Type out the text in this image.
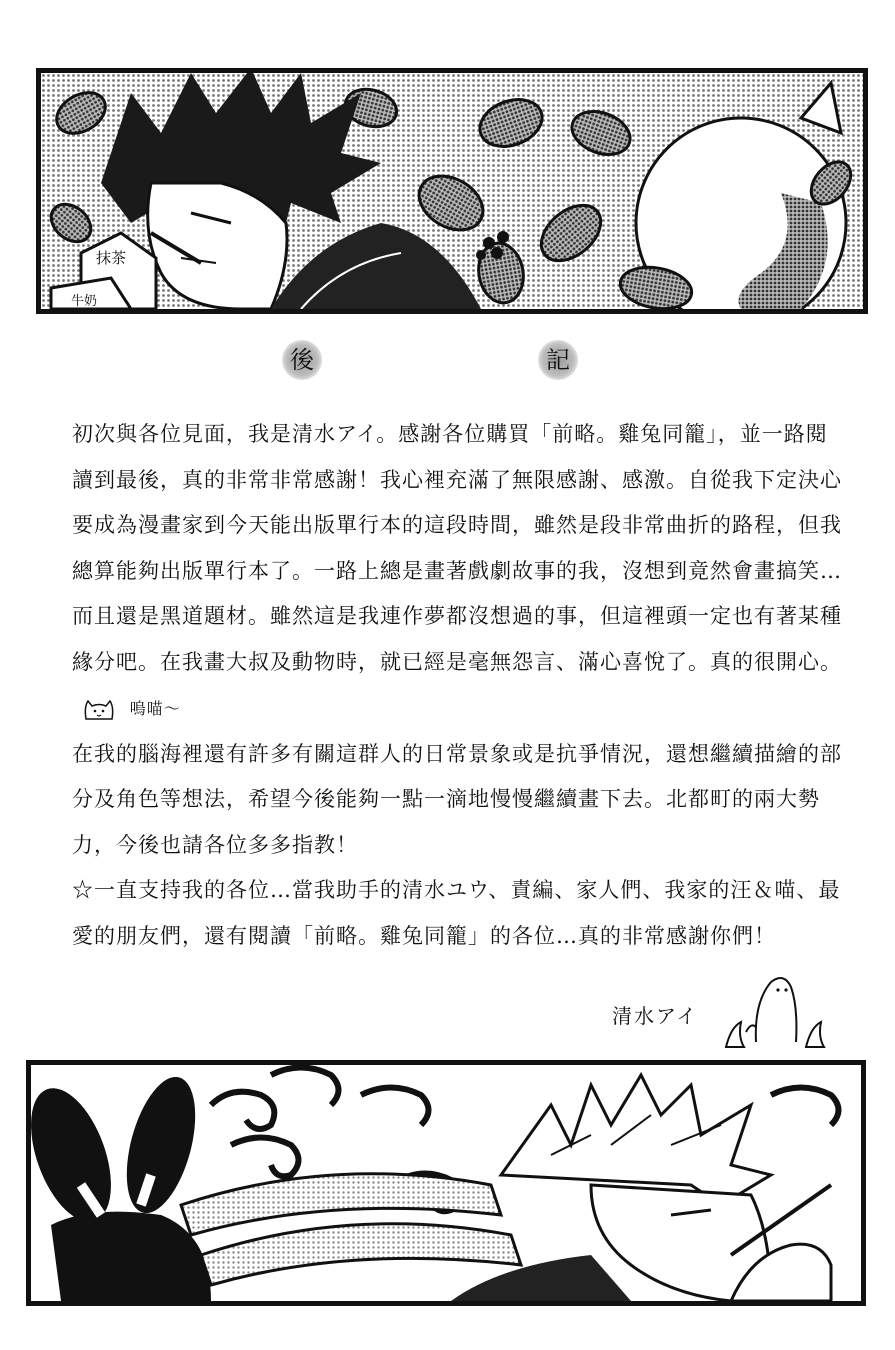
抹茶
牛奶
後	記

初次與各位見面，我是清水アイ。感謝各位購買「前略。雞兔同籠」，並一路閱讀到最後，真的非常非常感謝！我心裡充滿了無限感謝、感激。自從我下定決心要成為漫畫家到今天能出版單行本的這段時間，雖然是段非常曲折的路程，但我總算能夠出版單行本了。一路上總是畫著戲劇故事的我，沒想到竟然會畫搞笑…而且還是黑道題材。雖然這是我連作夢都沒想過的事，但這裡頭一定也有著某種緣分吧。在我畫大叔及動物時，就已經是毫無怨言、滿心喜悅了。真的很開心。  嗚喵～

在我的腦海裡還有許多有關這群人的日常景象或是抗爭情況，還想繼續描繪的部分及角色等想法，希望今後能夠一點一滴地慢慢繼續畫下去。北都町的兩大勢力，今後也請各位多多指教！

☆一直支持我的各位…當我助手的清水ユウ、責編、家人們、我家的汪＆喵、最愛的朋友們，還有閱讀「前略。雞兔同籠」的各位…真的非常感謝你們！

清水アイ
